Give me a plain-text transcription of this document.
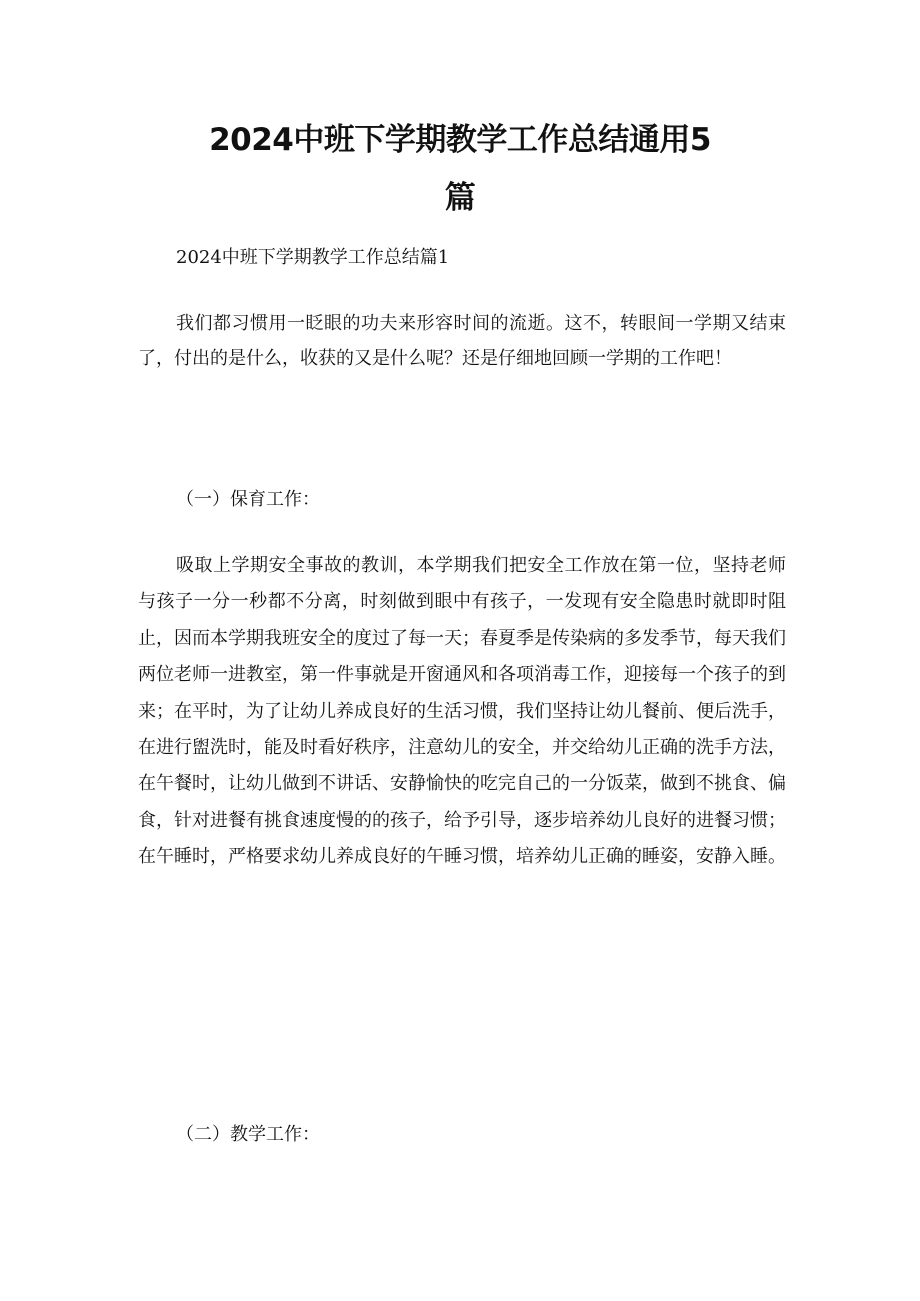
2024中班下学期教学工作总结通用5
篇
2024中班下学期教学工作总结篇1
我们都习惯用一眨眼的功夫来形容时间的流逝。这不，转眼间一学期又结束了，付出的是什么，收获的又是什么呢？还是仔细地回顾一学期的工作吧！
（一）保育工作：
吸取上学期安全事故的教训，本学期我们把安全工作放在第一位，坚持老师与孩子一分一秒都不分离，时刻做到眼中有孩子，一发现有安全隐患时就即时阻止，因而本学期我班安全的度过了每一天；春夏季是传染病的多发季节，每天我们两位老师一进教室，第一件事就是开窗通风和各项消毒工作，迎接每一个孩子的到来；在平时，为了让幼儿养成良好的生活习惯，我们坚持让幼儿餐前、便后洗手，在进行盥洗时，能及时看好秩序，注意幼儿的安全，并交给幼儿正确的洗手方法，在午餐时，让幼儿做到不讲话、安静愉快的吃完自己的一分饭菜，做到不挑食、偏食，针对进餐有挑食速度慢的的孩子，给予引导，逐步培养幼儿良好的进餐习惯；在午睡时，严格要求幼儿养成良好的午睡习惯，培养幼儿正确的睡姿，安静入睡。
（二）教学工作：
